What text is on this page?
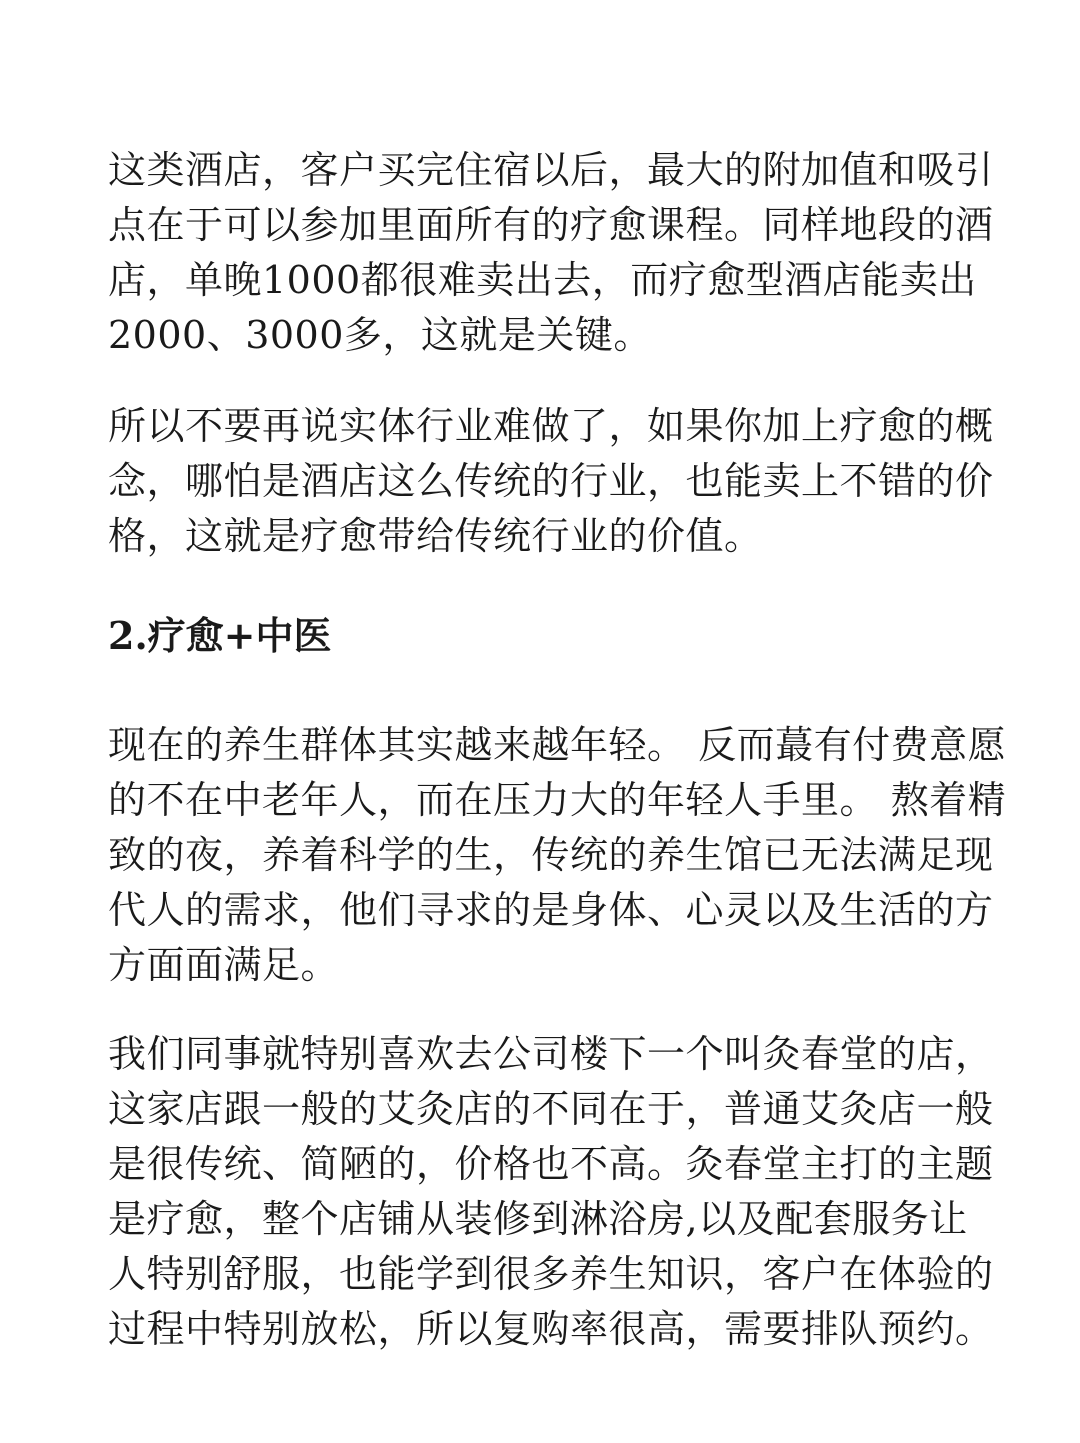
这类酒店，客户买完住宿以后，最大的附加值和吸引
点在于可以参加里面所有的疗愈课程。同样地段的酒
店，单晚1000都很难卖出去，而疗愈型酒店能卖出
2000、3000多，这就是关键。

所以不要再说实体行业难做了，如果你加上疗愈的概
念，哪怕是酒店这么传统的行业，也能卖上不错的价
格，这就是疗愈带给传统行业的价值。

2.疗愈+中医

现在的养生群体其实越来越年轻。 反而蕞有付费意愿
的不在中老年人，而在压力大的年轻人手里。 熬着精
致的夜，养着科学的生，传统的养生馆已无法满足现
代人的需求，他们寻求的是身体、心灵以及生活的方
方面面满足。

我们同事就特别喜欢去公司楼下一个叫灸春堂的店，
这家店跟一般的艾灸店的不同在于，普通艾灸店一般
是很传统、简陋的，价格也不高。灸春堂主打的主题
是疗愈，整个店铺从装修到淋浴房,以及配套服务让
人特别舒服，也能学到很多养生知识，客户在体验的
过程中特别放松，所以复购率很高，需要排队预约。
